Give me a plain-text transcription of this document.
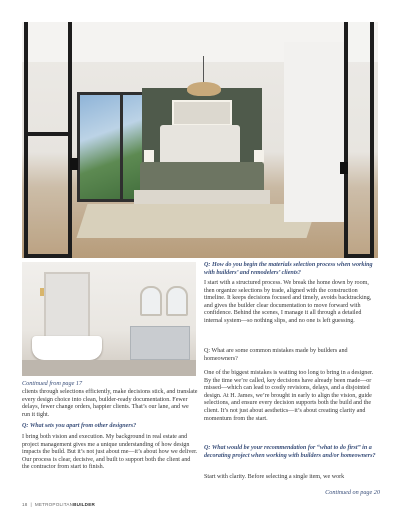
Continued from page 17
clients through selections efficiently, make decisions stick, and translate every design choice into clean, builder-ready documentation. Fewer delays, fewer change orders, happier clients. That’s our lane, and we run it tight.
Q: What sets you apart from other designers?
I bring both vision and execution. My background in real estate and project management gives me a unique understanding of how design impacts the build. But it’s not just about me—it’s about how we deliver. Our process is clear, decisive, and built to support both the client and the contractor from start to finish.
Q: How do you begin the materials selection process when working with builders’ and remodelers’ clients?
I start with a structured process. We break the home down by room, then organize selections by trade, aligned with the construction timeline. It keeps decisions focused and timely, avoids backtracking, and gives the builder clear documentation to move forward with confidence. Behind the scenes, I manage it all through a detailed internal system—so nothing slips, and no one is left guessing.
Q: What are some common mistakes made by builders and homeowners?
One of the biggest mistakes is waiting too long to bring in a designer. By the time we’re called, key decisions have already been made—or missed—which can lead to costly revisions, delays, and a disjointed design. At H. James, we’re brought in early to align the vision, guide selections, and ensure every decision supports both the build and the client. It’s not just about aesthetics—it’s about creating clarity and momentum from the start.
Q: What would be your recommendation for “what to do first” in a decorating project when working with builders and/or homeowners?
Start with clarity. Before selecting a single item, we work
Continued on page 20
18  |  METROPOLITANBUILDER
